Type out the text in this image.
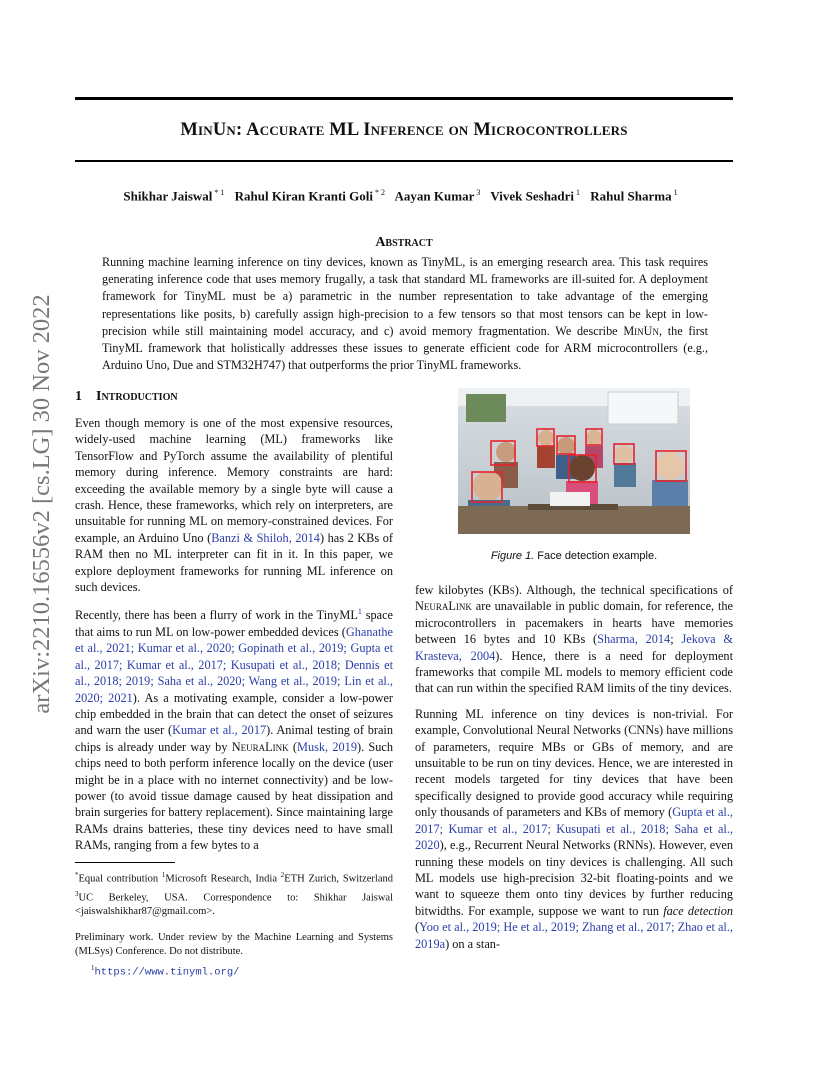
MinUn: Accurate ML Inference on Microcontrollers
Shikhar Jaiswal $^{* 1}$ Rahul Kiran Kranti Goli $^{* 2}$ Aayan Kumar $^3$ Vivek Seshadri $^1$ Rahul Sharma $^1$
Abstract
Running machine learning inference on tiny devices, known as TinyML, is an emerging research area. This task requires generating inference code that uses memory frugally, a task that standard ML frameworks are ill-suited for. A deployment framework for TinyML must be a) parametric in the number representation to take advantage of the emerging representations like posits, b) carefully assign high-precision to a few tensors so that most tensors can be kept in low-precision while still maintaining model accuracy, and c) avoid memory fragmentation. We describe MinUn, the first TinyML framework that holistically addresses these issues to generate efficient code for ARM microcontrollers (e.g., Arduino Uno, Due and STM32H747) that outperforms the prior TinyML frameworks.
arXiv:2210.16556v2 [cs.LG] 30 Nov 2022 1 Introduction

Even though memory is one of the most expensive resources, widely-used machine learning (ML) frameworks like TensorFlow and PyTorch assume the availability of plentiful memory during inference. Memory constraints are hard: exceeding the available memory by a single byte will cause a crash. Hence, these frameworks, which rely on interpreters, are unsuitable for running ML on memory-constrained devices. For example, an Arduino Uno (Banzi & Shiloh, 2014) has 2 KBs of RAM then no ML interpreter can fit in it. In this paper, we explore deployment frameworks for running ML inference on such devices.

Recently, there has been a flurry of work in the TinyML$^1$ space that aims to run ML on low-power embedded devices (Ghanathe et al., 2021; Kumar et al., 2020; Gopinath et al., 2019; Gupta et al., 2017; Kumar et al., 2017; Kusupati et al., 2018; Dennis et al., 2018; 2019; Saha et al., 2020; Wang et al., 2019; Lin et al., 2020; 2021). As a motivating example, consider a low-power chip embedded in the brain that can detect the onset of seizures and warn the user (Kumar et al., 2017). Animal testing of brain chips is already under way by NeuraLink (Musk, 2019). Such chips need to both perform inference locally on the device (user might be in a place with no internet connectivity) and be low-power (to avoid tissue damage caused by heat dissipation and brain surgeries for battery replacement). Since maintaining large RAMs drains batteries, these tiny devices need to have small RAMs, ranging from a few bytes to a

*Equal contribution $^1$Microsoft Research, India $^2$ETH Zurich, Switzerland $^3$UC Berkeley, USA. Correspondence to: Shikhar Jaiswal <jaiswalshikhar87@gmail.com>.

Preliminary work. Under review by the Machine Learning and Systems (MLSys) Conference. Do not distribute.

$^1$https://www.tinyml.org/

Figure 1. Face detection example.

few kilobytes (KBs). Although, the technical specifications of NeuraLink are unavailable in public domain, for reference, the microcontrollers in pacemakers in hearts have memories between 16 bytes and 10 KBs (Sharma, 2014; Jekova & Krasteva, 2004). Hence, there is a need for deployment frameworks that compile ML models to memory efficient code that can run within the specified RAM limits of the tiny devices.

Running ML inference on tiny devices is non-trivial. For example, Convolutional Neural Networks (CNNs) have millions of parameters, require MBs or GBs of memory, and are unsuitable to be run on tiny devices. Hence, we are interested in recent models targeted for tiny devices that have been specifically designed to provide good accuracy while requiring only thousands of parameters and KBs of memory (Gupta et al., 2017; Kumar et al., 2017; Kusupati et al., 2018; Saha et al., 2020), e.g., Recurrent Neural Networks (RNNs). However, even running these models on tiny devices is challenging. All such ML models use high-precision 32-bit floating-points and we want to squeeze them onto tiny devices by further reducing bitwidths. For example, suppose we want to run face detection (Yoo et al., 2019; He et al., 2019; Zhang et al., 2017; Zhao et al., 2019a) on a stan-
